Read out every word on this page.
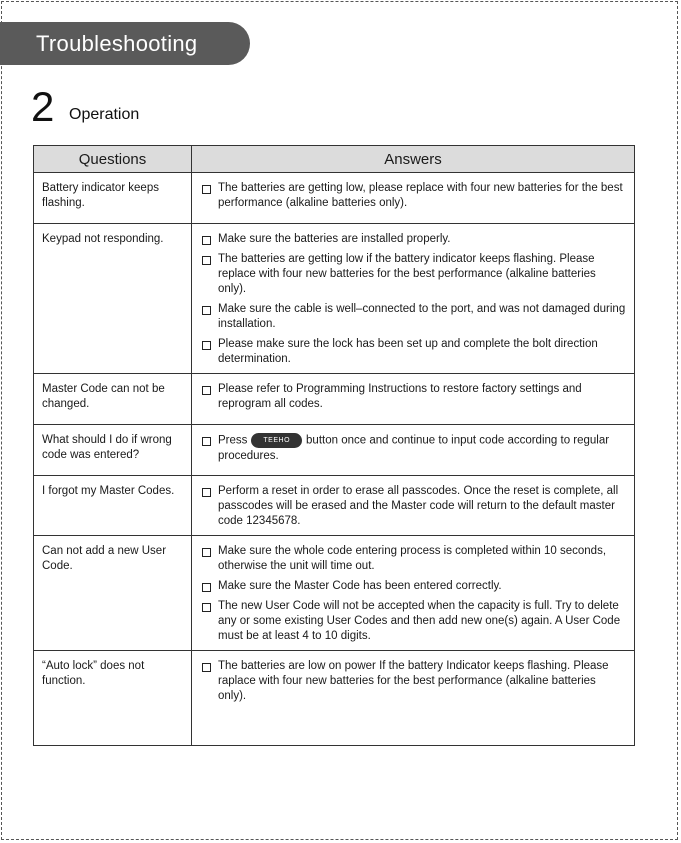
Troubleshooting
2 Operation
Questions	Answers
Battery indicator keeps flashing.	The batteries are getting low, please replace with four new batteries for the best performance (alkaline batteries only).

Keypad not responding.	Make sure the batteries are installed properly.
The batteries are getting low if the battery indicator keeps flashing. Please replace with four new batteries for the best performance (alkaline batteries only).
Make sure the cable is well–connected to the port, and was not damaged during installation.
Please make sure the lock has been set up and complete the bolt direction determination.

Master Code can not be changed.	Please refer to Programming Instructions to restore factory settings and reprogram all codes.

What should I do if wrong code was entered?	Press TEEHO button once and continue to input code according to regular procedures.

I forgot my Master Codes.	Perform a reset in order to erase all passcodes. Once the reset is complete, all passcodes will be erased and the Master code will return to the default master code 12345678.

Can not add a new User Code.	Make sure the whole code entering process is completed within 10 seconds, otherwise the unit will time out.
Make sure the Master Code has been entered correctly.
The new User Code will not be accepted when the capacity is full. Try to delete any or some existing User Codes and then add new one(s) again. A User Code must be at least 4 to 10 digits.

“Auto lock” does not function.	The batteries are low on power If the battery Indicator keeps flashing. Please raplace with four new batteries for the best performance (alkaline batteries only).
